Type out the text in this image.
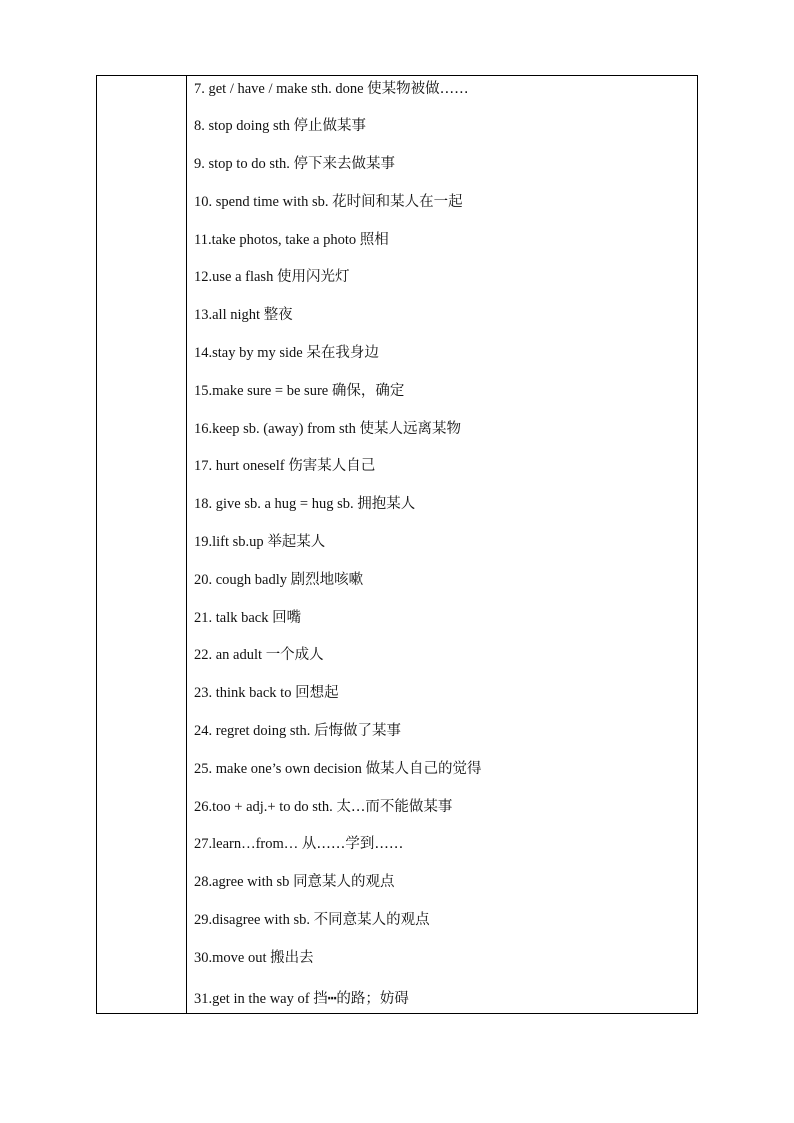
7. get / have / make sth. done 使某物被做……
8. stop doing sth 停止做某事
9. stop to do sth. 停下来去做某事
10. spend time with sb. 花时间和某人在一起
11.take photos, take a photo 照相
12.use a flash 使用闪光灯
13.all night 整夜
14.stay by my side 呆在我身边
15.make sure = be sure 确保，确定
16.keep sb. (away) from sth 使某人远离某物
17. hurt oneself 伤害某人自己
18. give sb. a hug = hug sb. 拥抱某人
19.lift sb.up 举起某人
20. cough badly 剧烈地咳嗽
21. talk back 回嘴
22. an adult 一个成人
23. think back to 回想起
24. regret doing sth. 后悔做了某事
25. make one’s own decision 做某人自己的觉得
26.too + adj.+ to do sth. 太…而不能做某事
27.learn…from… 从……学到……
28.agree with sb 同意某人的观点
29.disagree with sb. 不同意某人的观点
30.move out 搬出去
31.get in the way of 挡┅的路；妨碍
